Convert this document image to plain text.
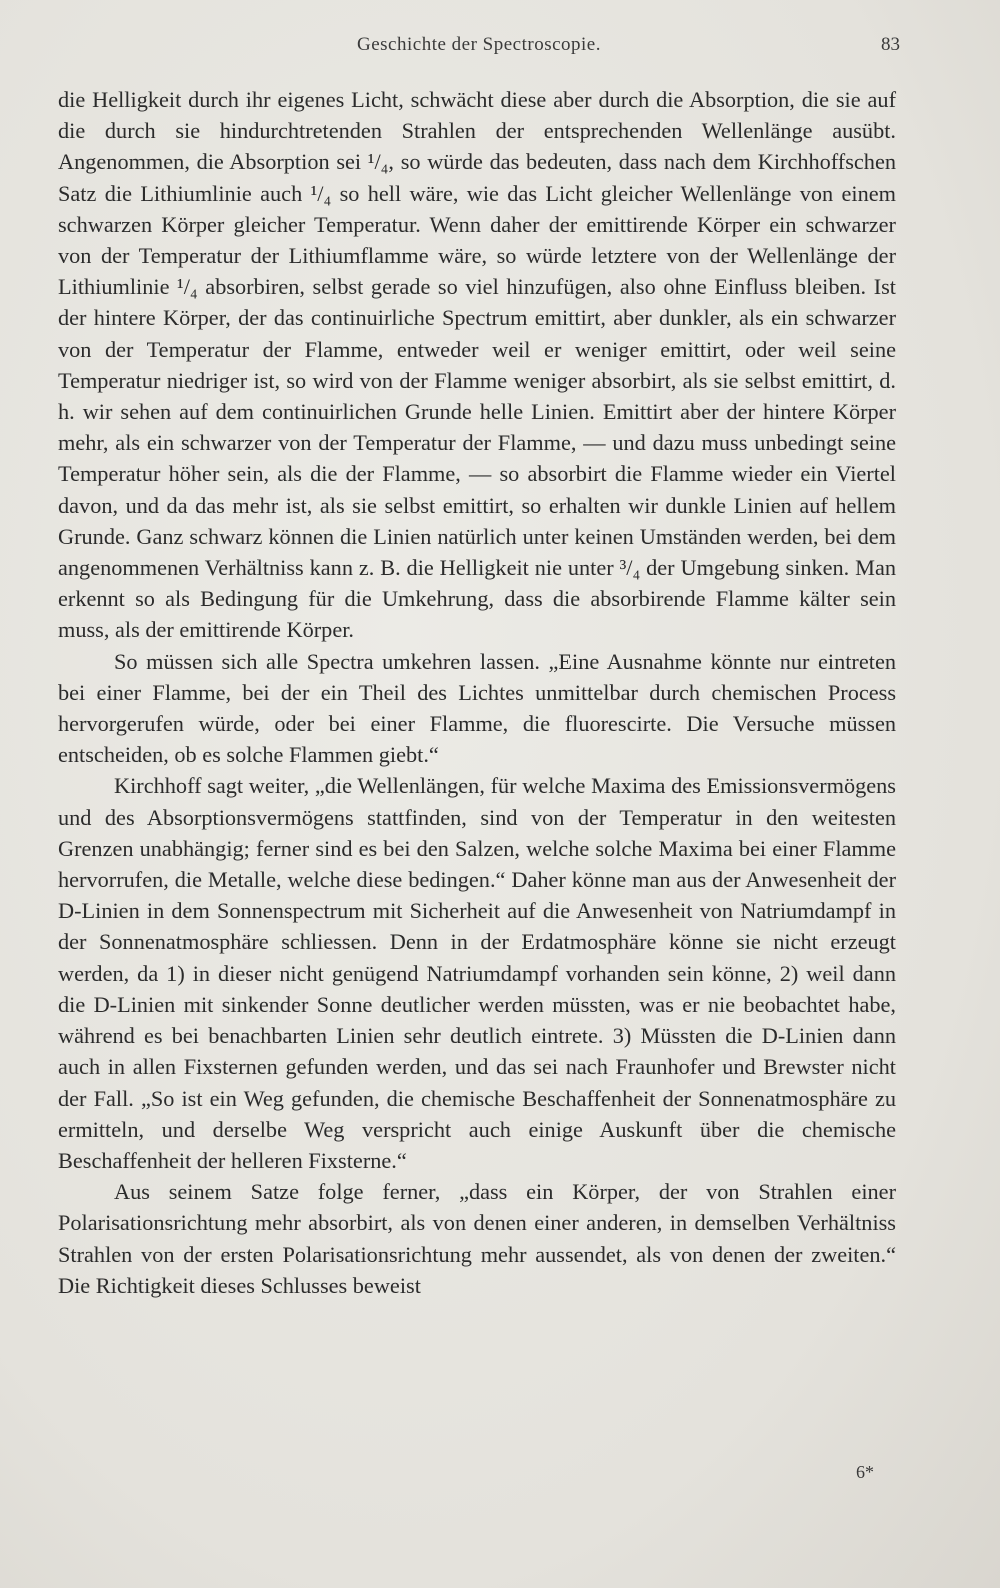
Geschichte der Spectroscopie.	83

die Helligkeit durch ihr eigenes Licht, schwächt diese aber durch die Absorption, die sie auf die durch sie hindurchtretenden Strahlen der entsprechenden Wellenlänge ausübt. Angenommen, die Absorption sei ¹/₄, so würde das bedeuten, dass nach dem Kirchhoffschen Satz die Lithiumlinie auch ¹/₄ so hell wäre, wie das Licht gleicher Wellenlänge von einem schwarzen Körper gleicher Temperatur. Wenn daher der emittirende Körper ein schwarzer von der Temperatur der Lithiumflamme wäre, so würde letztere von der Wellenlänge der Lithiumlinie ¹/₄ absorbiren, selbst gerade so viel hinzufügen, also ohne Einfluss bleiben. Ist der hintere Körper, der das continuirliche Spectrum emittirt, aber dunkler, als ein schwarzer von der Temperatur der Flamme, entweder weil er weniger emittirt, oder weil seine Temperatur niedriger ist, so wird von der Flamme weniger absorbirt, als sie selbst emittirt, d. h. wir sehen auf dem continuirlichen Grunde helle Linien. Emittirt aber der hintere Körper mehr, als ein schwarzer von der Temperatur der Flamme, — und dazu muss unbedingt seine Temperatur höher sein, als die der Flamme, — so absorbirt die Flamme wieder ein Viertel davon, und da das mehr ist, als sie selbst emittirt, so erhalten wir dunkle Linien auf hellem Grunde. Ganz schwarz können die Linien natürlich unter keinen Umständen werden, bei dem angenommenen Verhältniss kann z. B. die Helligkeit nie unter ³/₄ der Umgebung sinken. Man erkennt so als Bedingung für die Umkehrung, dass die absorbirende Flamme kälter sein muss, als der emittirende Körper.

So müssen sich alle Spectra umkehren lassen. „Eine Ausnahme könnte nur eintreten bei einer Flamme, bei der ein Theil des Lichtes unmittelbar durch chemischen Process hervorgerufen würde, oder bei einer Flamme, die fluorescirte. Die Versuche müssen entscheiden, ob es solche Flammen giebt.“

Kirchhoff sagt weiter, „die Wellenlängen, für welche Maxima des Emissionsvermögens und des Absorptionsvermögens stattfinden, sind von der Temperatur in den weitesten Grenzen unabhängig; ferner sind es bei den Salzen, welche solche Maxima bei einer Flamme hervorrufen, die Metalle, welche diese bedingen.“ Daher könne man aus der Anwesenheit der D-Linien in dem Sonnenspectrum mit Sicherheit auf die Anwesenheit von Natriumdampf in der Sonnenatmosphäre schliessen. Denn in der Erdatmosphäre könne sie nicht erzeugt werden, da 1) in dieser nicht genügend Natriumdampf vorhanden sein könne, 2) weil dann die D-Linien mit sinkender Sonne deutlicher werden müssten, was er nie beobachtet habe, während es bei benachbarten Linien sehr deutlich eintrete. 3) Müssten die D-Linien dann auch in allen Fixsternen gefunden werden, und das sei nach Fraunhofer und Brewster nicht der Fall. „So ist ein Weg gefunden, die chemische Beschaffenheit der Sonnenatmosphäre zu ermitteln, und derselbe Weg verspricht auch einige Auskunft über die chemische Beschaffenheit der helleren Fixsterne.“

Aus seinem Satze folge ferner, „dass ein Körper, der von Strahlen einer Polarisationsrichtung mehr absorbirt, als von denen einer anderen, in demselben Verhältniss Strahlen von der ersten Polarisationsrichtung mehr aussendet, als von denen der zweiten.“ Die Richtigkeit dieses Schlusses beweist

6*
